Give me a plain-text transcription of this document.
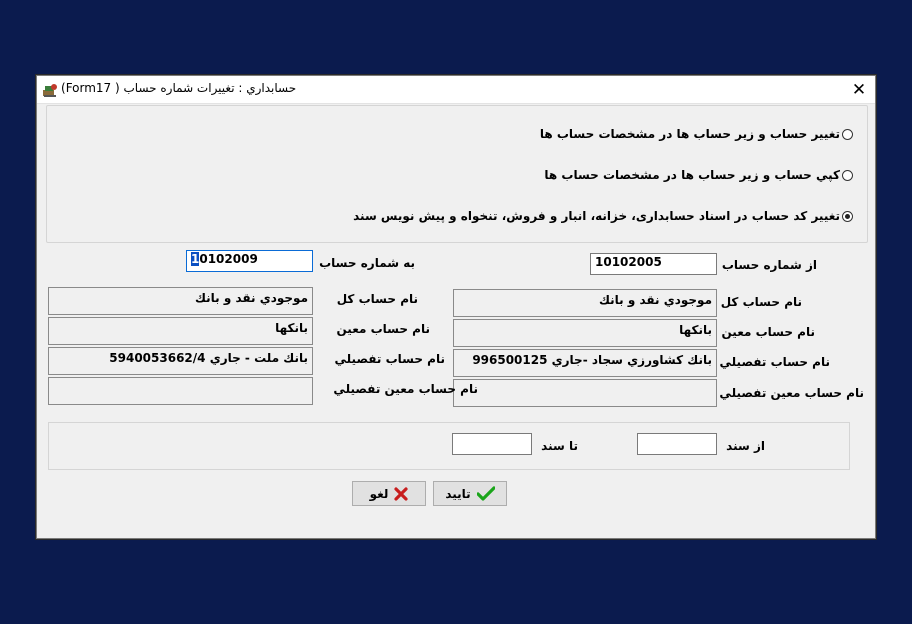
حسابداري : تغييرات شماره حساب ( Form17)	✕
تغيير حساب و زير حساب ها در مشخصات حساب ها
كپي حساب و زير حساب ها در مشخصات حساب ها
تغيير كد حساب در اسناد حسابداری، خزانه، انبار و فروش، تنخواه و پيش نويس سند
از شماره حساب
10102005
نام حساب كل
موجودي نقد و بانك
نام حساب معين
بانكها
نام حساب تفصيلي
بانك كشاورزي سجاد -جاري 996500125
نام حساب معين تفصيلي
به شماره حساب
10102009
نام حساب كل
موجودي نقد و بانك
نام حساب معين
بانكها
نام حساب تفصيلي
بانك ملت - جاري 5940053662/4
نام حساب معين تفصيلي
از سند
تا سند
تاييد
لغو
